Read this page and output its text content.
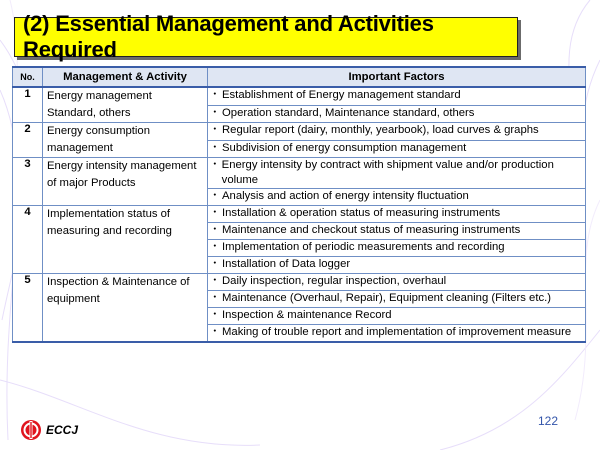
(2) Essential Management and Activities Required
No.	Management & Activity	Important Factors
1	Energy management Standard, others	･ Establishment of Energy management standard
		･ Operation standard, Maintenance standard, others
2	Energy consumption management	･ Regular report (dairy, monthly, yearbook), load curves & graphs
		･ Subdivision of energy consumption management
3	Energy intensity management of major Products	･ Energy intensity by contract with shipment value and/or production volume

		･ Analysis and action of energy intensity fluctuation
4	Implementation status of measuring and recording	･ Installation & operation status of measuring instruments
		･ Maintenance and checkout status of measuring instruments
		･ Implementation of periodic measurements and recording
		･ Installation of Data logger
5	Inspection & Maintenance of equipment	･ Daily inspection, regular inspection, overhaul
		･ Maintenance (Overhaul, Repair), Equipment cleaning (Filters etc.)
		･ Inspection & maintenance Record

		･ Making of trouble report and implementation of improvement measure
ECCJ
122
